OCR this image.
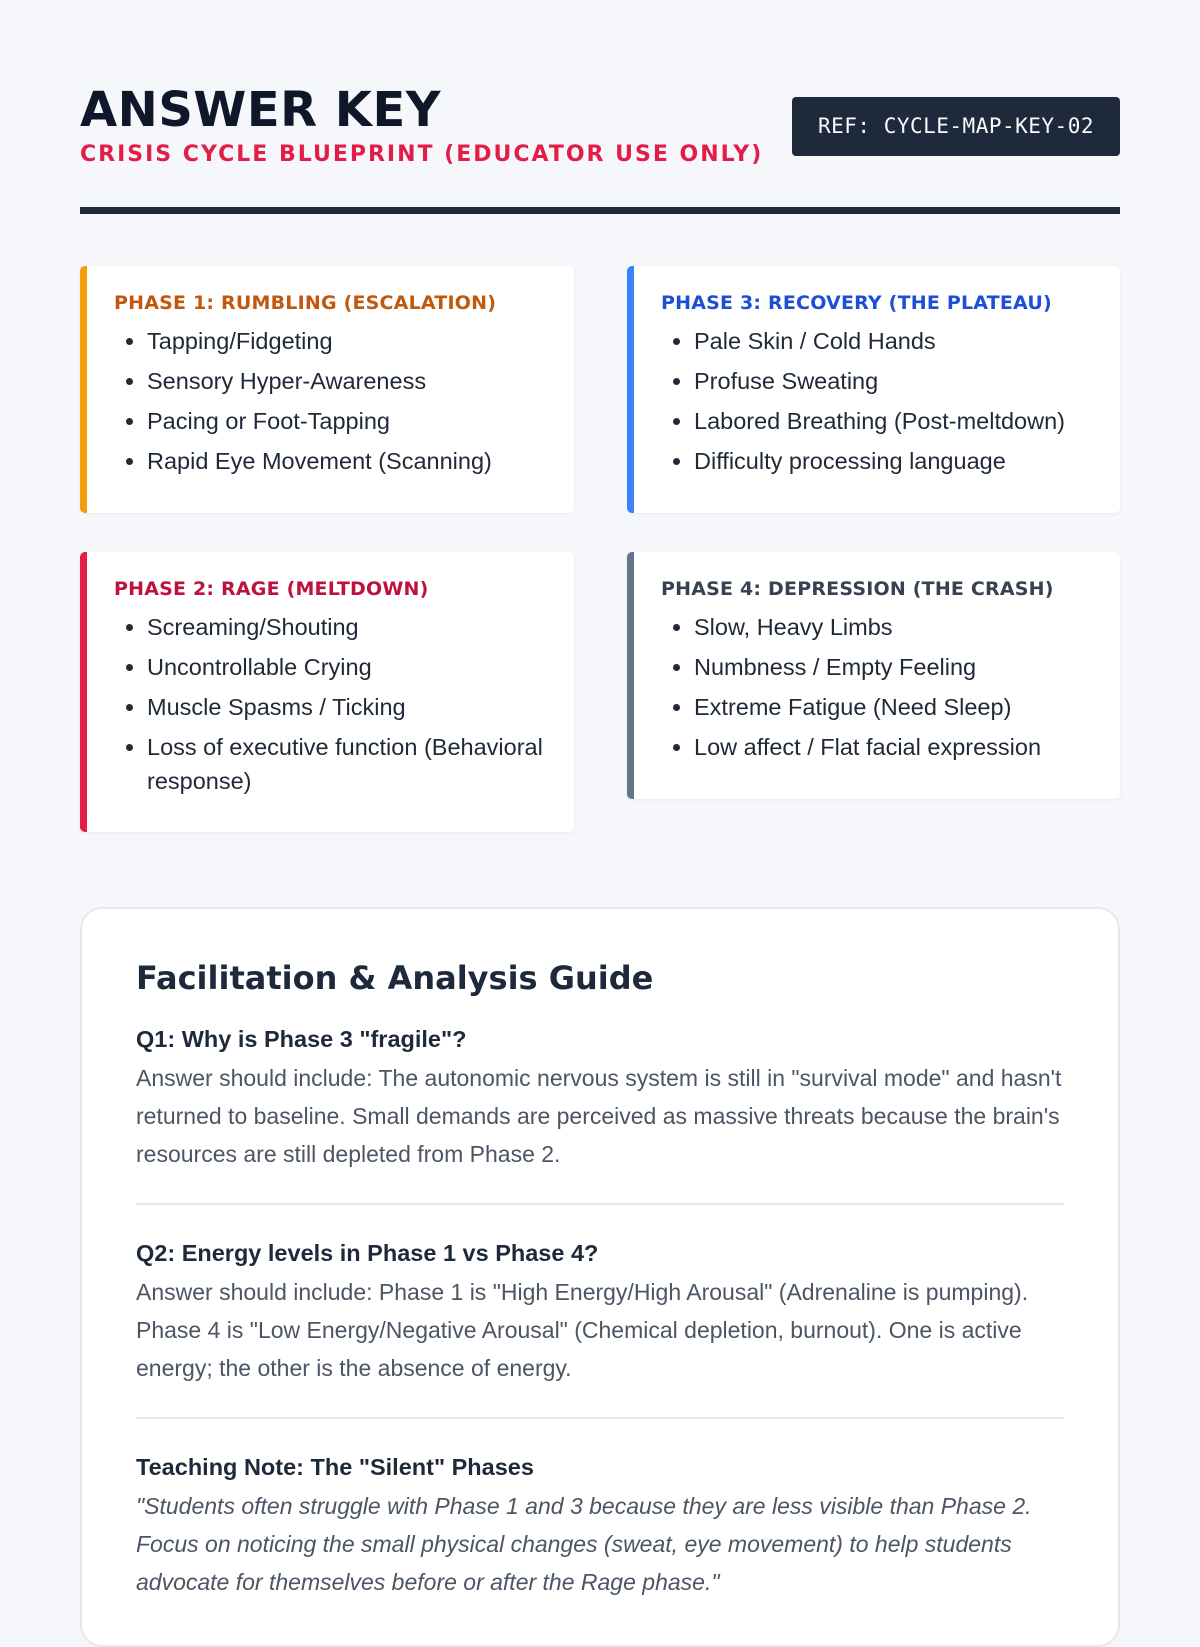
ANSWER KEY
CRISIS CYCLE BLUEPRINT (EDUCATOR USE ONLY)
REF: CYCLE-MAP-KEY-02
PHASE 1: RUMBLING (ESCALATION)
• Tapping/Fidgeting
• Sensory Hyper-Awareness
• Pacing or Foot-Tapping
• Rapid Eye Movement (Scanning)
PHASE 3: RECOVERY (THE PLATEAU)
• Pale Skin / Cold Hands
• Profuse Sweating
• Labored Breathing (Post-meltdown)
• Difficulty processing language
PHASE 2: RAGE (MELTDOWN)
• Screaming/Shouting
• Uncontrollable Crying
• Muscle Spasms / Ticking
• Loss of executive function (Behavioral response)
PHASE 4: DEPRESSION (THE CRASH)
• Slow, Heavy Limbs
• Numbness / Empty Feeling
• Extreme Fatigue (Need Sleep)
• Low affect / Flat facial expression
Facilitation & Analysis Guide
Q1: Why is Phase 3 "fragile"?
Answer should include: The autonomic nervous system is still in "survival mode" and hasn't returned to baseline. Small demands are perceived as massive threats because the brain's resources are still depleted from Phase 2.
Q2: Energy levels in Phase 1 vs Phase 4?
Answer should include: Phase 1 is "High Energy/High Arousal" (Adrenaline is pumping). Phase 4 is "Low Energy/Negative Arousal" (Chemical depletion, burnout). One is active energy; the other is the absence of energy.
Teaching Note: The "Silent" Phases
"Students often struggle with Phase 1 and 3 because they are less visible than Phase 2. Focus on noticing the small physical changes (sweat, eye movement) to help students advocate for themselves before or after the Rage phase."
